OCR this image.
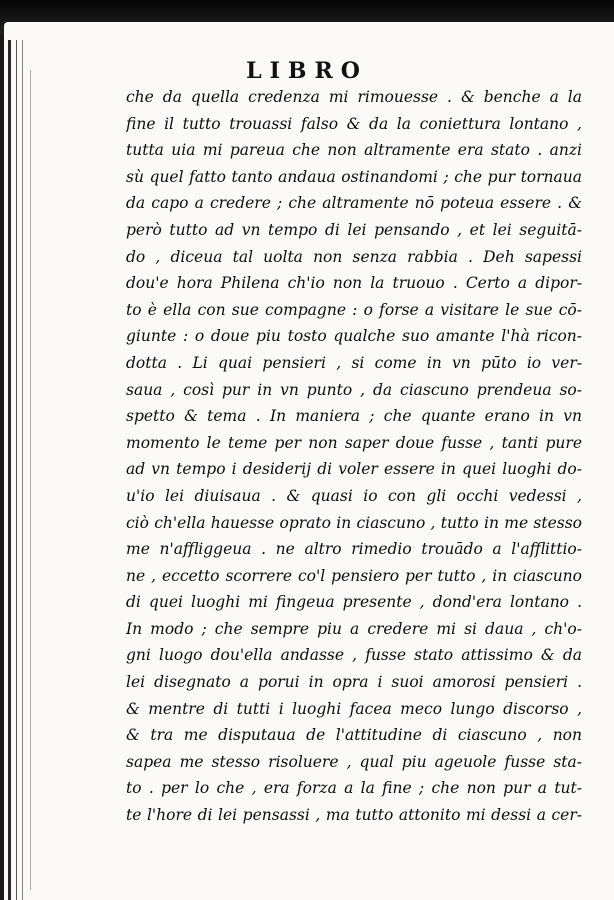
LIBRO
che da quella credenza mi rimouesse . & benche a la
fine il tutto trouassi falso & da la coniettura lontano ,
tutta uia mi pareua che non altramente era stato . anzi
sù quel fatto tanto andaua ostinandomi ; che pur tornaua
da capo a credere ; che altramente nō poteua essere . &
però tutto ad vn tempo di lei pensando , et lei seguitā-
do , diceua tal uolta non senza rabbia . Deh sapessi
dou'e hora Philena ch'io non la truouo . Certo a dipor-
to è ella con sue compagne : o forse a visitare le sue cō-
giunte : o doue piu tosto qualche suo amante l'hà ricon-
dotta . Li quai pensieri , si come in vn pūto io ver-
saua , così pur in vn punto , da ciascuno prendeua so-
spetto & tema . In maniera ; che quante erano in vn
momento le teme per non saper doue fusse , tanti pure
ad vn tempo i desiderij di voler essere in quei luoghi do-
u'io lei diuisaua . & quasi io con gli occhi vedessi ,
ciò ch'ella hauesse oprato in ciascuno , tutto in me stesso
me n'affliggeua . ne altro rimedio trouādo a l'afflittio-
ne , eccetto scorrere co'l pensiero per tutto , in ciascuno
di quei luoghi mi fingeua presente , dond'era lontano .
In modo ; che sempre piu a credere mi si daua , ch'o-
gni luogo dou'ella andasse , fusse stato attissimo & da
lei disegnato a porui in opra i suoi amorosi pensieri .
& mentre di tutti i luoghi facea meco lungo discorso ,
& tra me disputaua de l'attitudine di ciascuno , non
sapea me stesso risoluere , qual piu ageuole fusse sta-
to . per lo che , era forza a la fine ; che non pur a tut-
te l'hore di lei pensassi , ma tutto attonito mi dessi a cer-
